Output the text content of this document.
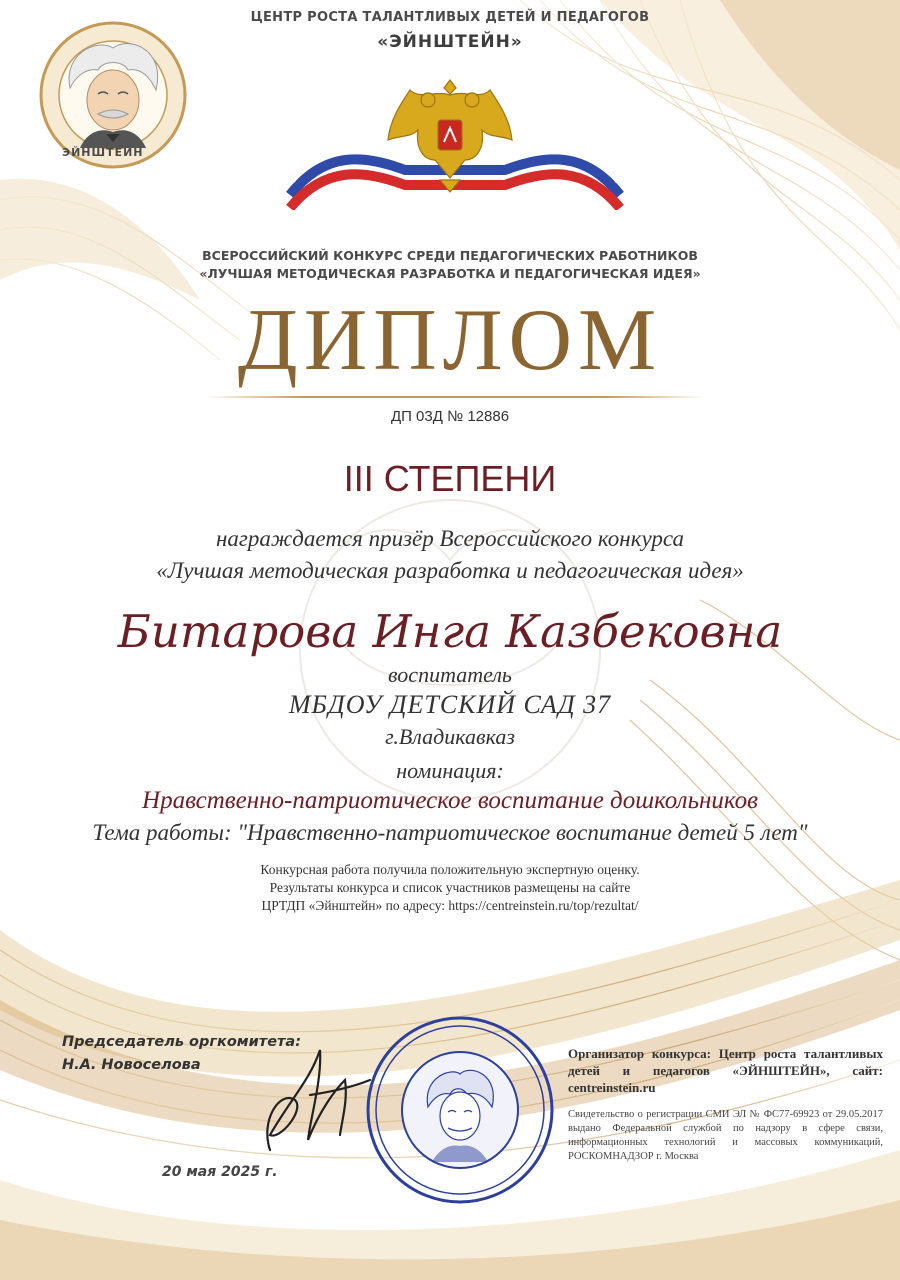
ЭЙНШТЕЙН
ЦЕНТР РОСТА ТАЛАНТЛИВЫХ ДЕТЕЙ И ПЕДАГОГОВ
«ЭЙНШТЕЙН»
ВСЕРОССИЙСКИЙ КОНКУРС СРЕДИ ПЕДАГОГИЧЕСКИХ РАБОТНИКОВ
«ЛУЧШАЯ МЕТОДИЧЕСКАЯ РАЗРАБОТКА И ПЕДАГОГИЧЕСКАЯ ИДЕЯ»
ДИПЛОМ
ДП 03Д № 12886
III СТЕПЕНИ
награждается призёр Всероссийского конкурса
«Лучшая методическая разработка и педагогическая идея»
Битарова Инга Казбековна
воспитатель
МБДОУ ДЕТСКИЙ САД 37
г.Владикавказ
номинация:
Нравственно-патриотическое воспитание дошкольников
Тема работы: "Нравственно-патриотическое воспитание детей 5 лет"
Конкурсная работа получила положительную экспертную оценку.
Результаты конкурса и список участников размещены на сайте
ЦРТДП «Эйнштейн» по адресу: https://centreinstein.ru/top/rezultat/
Председатель оргкомитета:
Н.А. Новоселова
20 мая 2025 г.
Организатор конкурса: Центр роста талантливых детей и педагогов «ЭЙНШТЕЙН», сайт: centreinstein.ru
Свидетельство о регистрации СМИ ЭЛ № ФС77-69923 от 29.05.2017 выдано Федеральной службой по надзору в сфере связи, информационных технологий и массовых коммуникаций, РОСКОМНАДЗОР г. Москва
